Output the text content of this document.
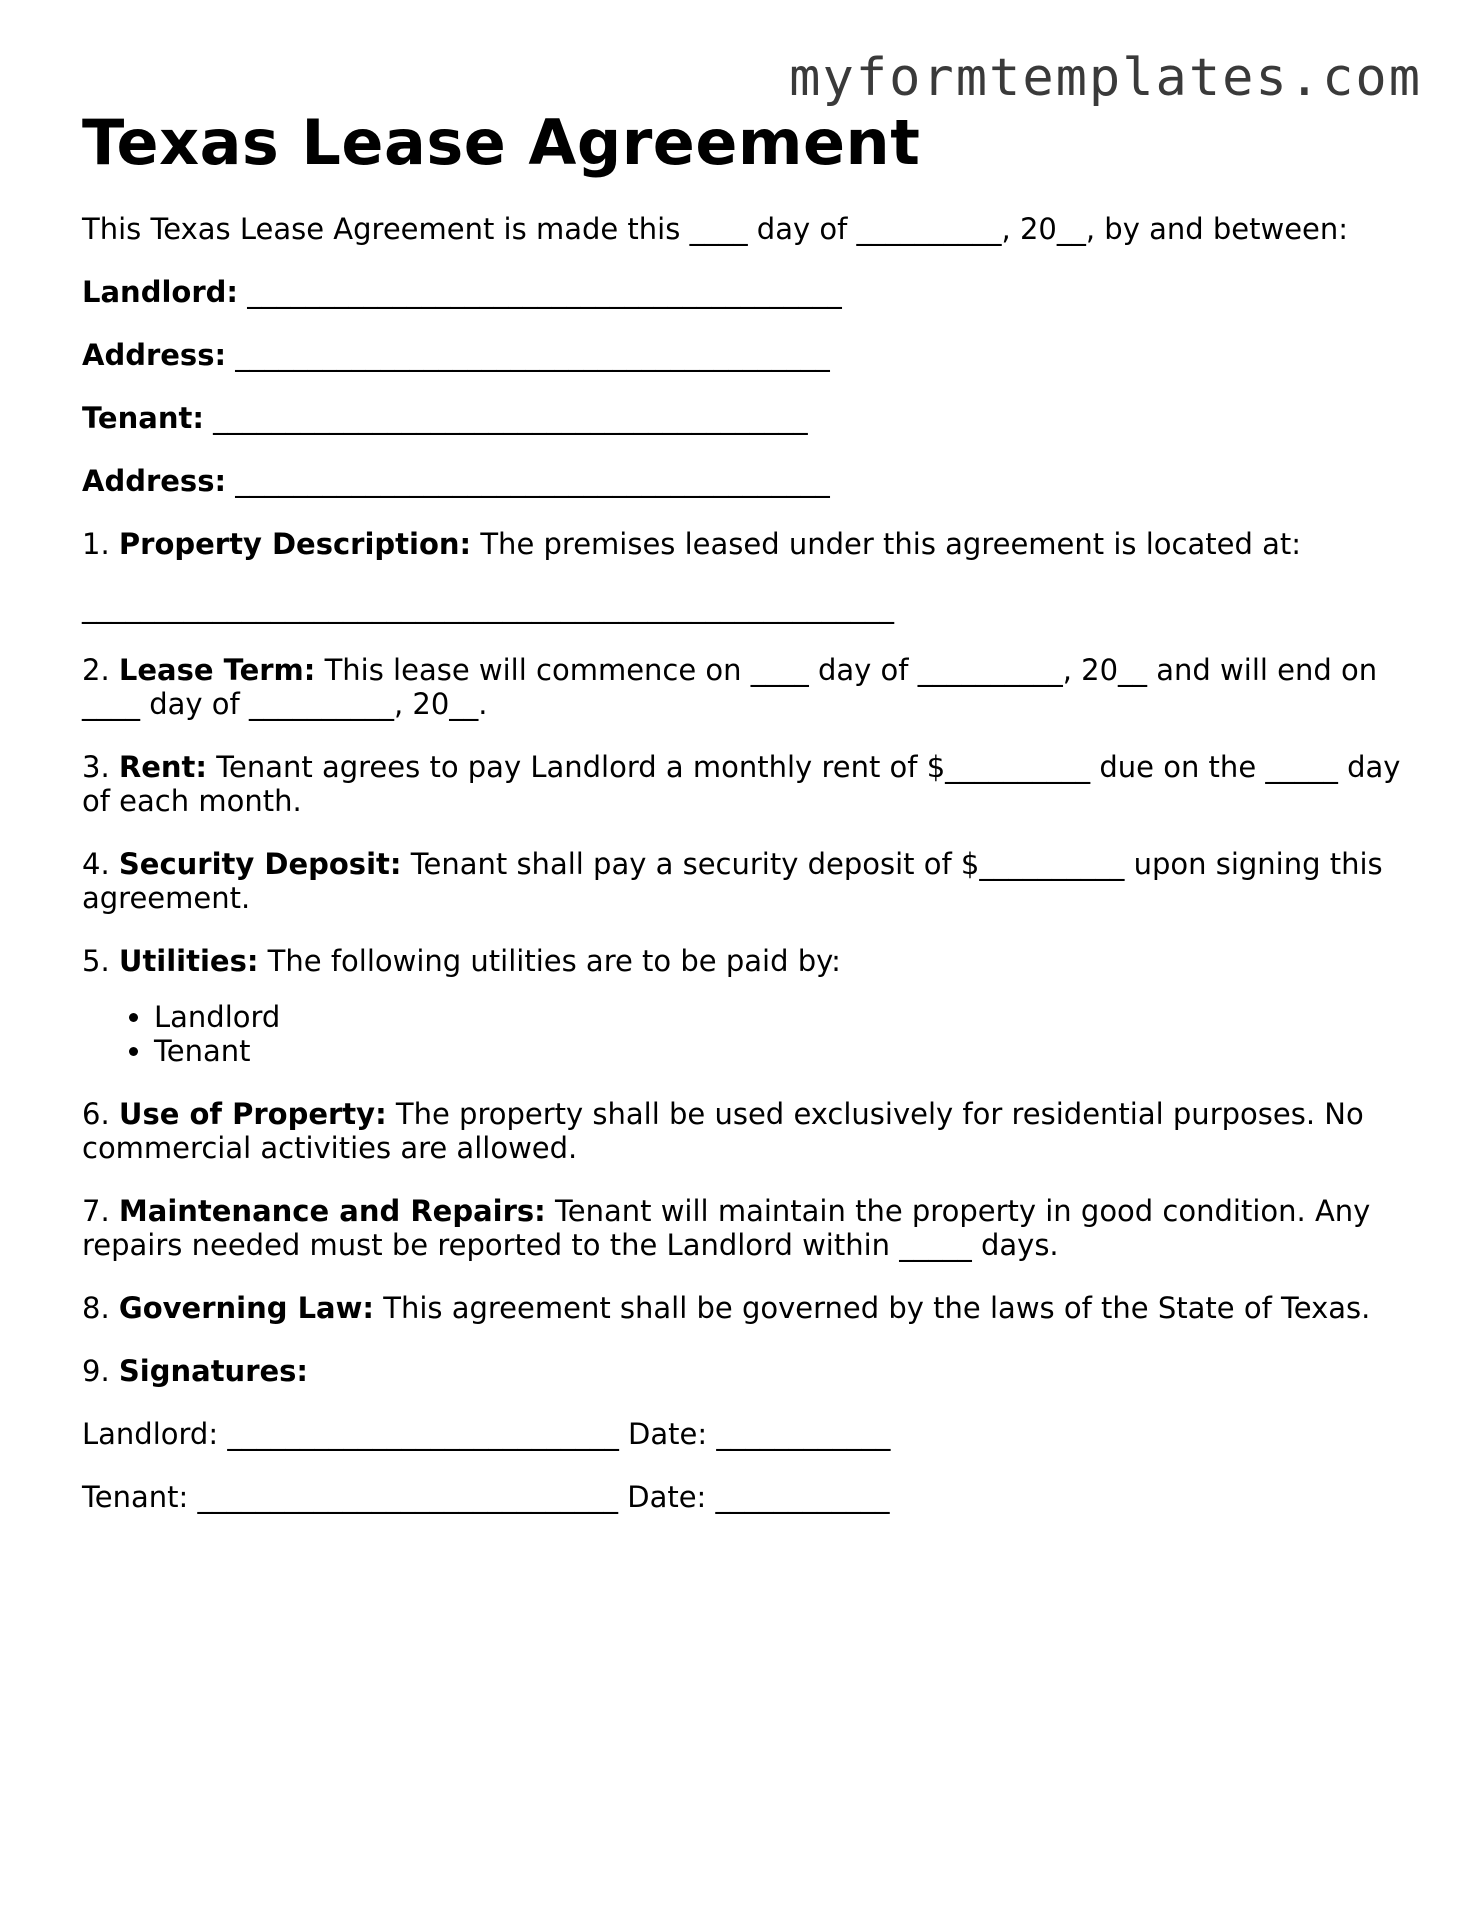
myformtemplates.com
Texas Lease Agreement

This Texas Lease Agreement is made this ____ day of __________, 20__, by and between:

Landlord: _________________________________________

Address: _________________________________________

Tenant: _________________________________________

Address: _________________________________________

1. Property Description: The premises leased under this agreement is located at:

________________________________________________________

2. Lease Term: This lease will commence on ____ day of __________, 20__ and will end on ____ day of __________, 20__.

3. Rent: Tenant agrees to pay Landlord a monthly rent of $__________ due on the _____ day of each month.

4. Security Deposit: Tenant shall pay a security deposit of $__________ upon signing this agreement.

5. Utilities: The following utilities are to be paid by:

• Landlord
• Tenant

6. Use of Property: The property shall be used exclusively for residential purposes. No commercial activities are allowed.

7. Maintenance and Repairs: Tenant will maintain the property in good condition. Any repairs needed must be reported to the Landlord within _____ days.

8. Governing Law: This agreement shall be governed by the laws of the State of Texas.

9. Signatures:

Landlord: ___________________________ Date: ____________

Tenant: _____________________________ Date: ____________
